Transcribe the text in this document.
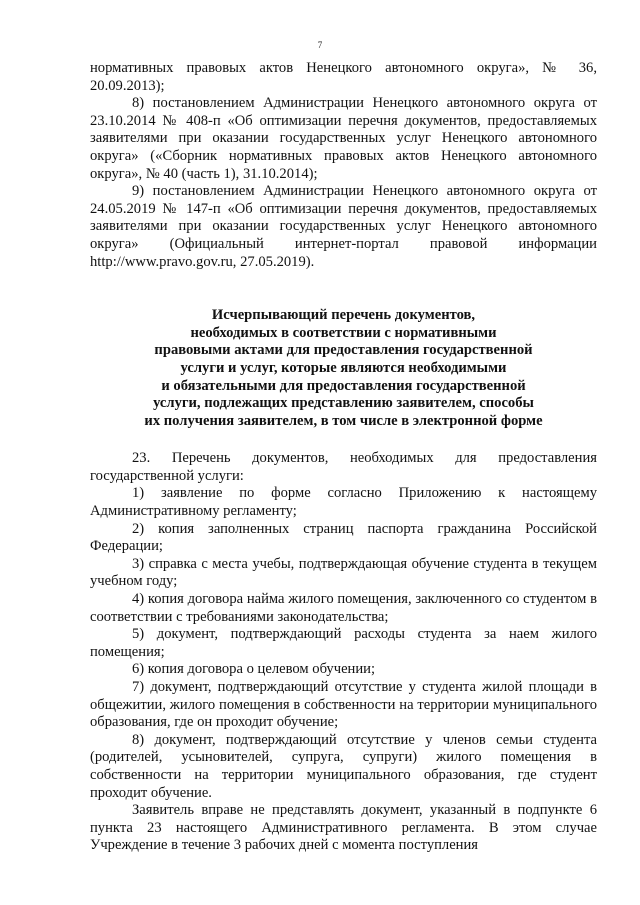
7

нормативных правовых актов Ненецкого автономного округа», № 36, 20.09.2013);

8) постановлением Администрации Ненецкого автономного округа от 23.10.2014 № 408-п «Об оптимизации перечня документов, предоставляемых заявителями при оказании государственных услуг Ненецкого автономного округа» («Сборник нормативных правовых актов Ненецкого автономного округа», № 40 (часть 1), 31.10.2014);

9) постановлением Администрации Ненецкого автономного округа от 24.05.2019 № 147-п «Об оптимизации перечня документов, предоставляемых заявителями при оказании государственных услуг Ненецкого автономного округа» (Официальный интернет-портал правовой информации http://www.pravo.gov.ru, 27.05.2019).

Исчерпывающий перечень документов,
необходимых в соответствии с нормативными
правовыми актами для предоставления государственной
услуги и услуг, которые являются необходимыми
и обязательными для предоставления государственной
услуги, подлежащих представлению заявителем, способы
их получения заявителем, в том числе в электронной форме

23. Перечень документов, необходимых для предоставления государственной услуги:

1) заявление по форме согласно Приложению к настоящему Административному регламенту;

2) копия заполненных страниц паспорта гражданина Российской Федерации;

3) справка с места учебы, подтверждающая обучение студента в текущем учебном году;

4) копия договора найма жилого помещения, заключенного со студентом в соответствии с требованиями законодательства;

5) документ, подтверждающий расходы студента за наем жилого помещения;

6) копия договора о целевом обучении;

7) документ, подтверждающий отсутствие у студента жилой площади в общежитии, жилого помещения в собственности на территории муниципального образования, где он проходит обучение;

8) документ, подтверждающий отсутствие у членов семьи студента (родителей, усыновителей, супруга, супруги) жилого помещения в собственности на территории муниципального образования, где студент проходит обучение.

Заявитель вправе не представлять документ, указанный в подпункте 6 пункта 23 настоящего Административного регламента. В этом случае Учреждение в течение 3 рабочих дней с момента поступления
